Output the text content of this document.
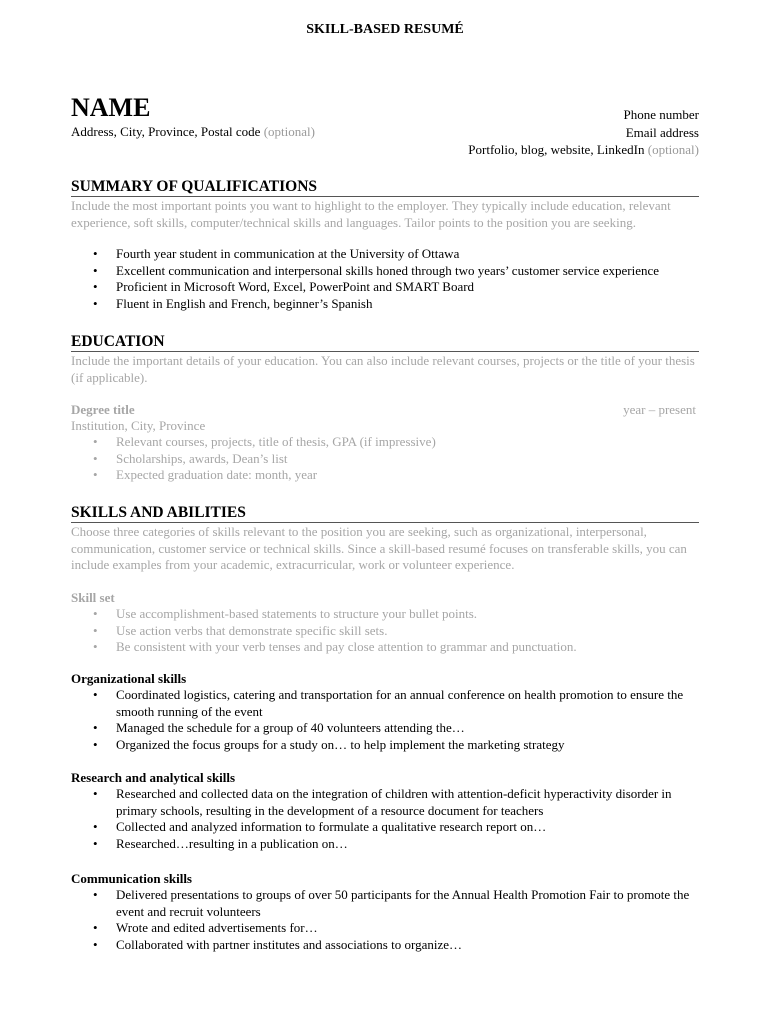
SKILL-BASED RESUMÉ
NAME
Address, City, Province, Postal code (optional)
Phone number
Email address
Portfolio, blog, website, LinkedIn (optional)
SUMMARY OF QUALIFICATIONS
Include the most important points you want to highlight to the employer. They typically include education, relevant experience, soft skills, computer/technical skills and languages. Tailor points to the position you are seeking.
• Fourth year student in communication at the University of Ottawa
• Excellent communication and interpersonal skills honed through two years’ customer service experience
• Proficient in Microsoft Word, Excel, PowerPoint and SMART Board
• Fluent in English and French, beginner’s Spanish
EDUCATION
Include the important details of your education. You can also include relevant courses, projects or the title of your thesis (if applicable).
Degree title	year – present
Institution, City, Province
• Relevant courses, projects, title of thesis, GPA (if impressive)
• Scholarships, awards, Dean’s list
• Expected graduation date: month, year
SKILLS AND ABILITIES
Choose three categories of skills relevant to the position you are seeking, such as organizational, interpersonal, communication, customer service or technical skills. Since a skill-based resumé focuses on transferable skills, you can include examples from your academic, extracurricular, work or volunteer experience.
Skill set
• Use accomplishment-based statements to structure your bullet points.
• Use action verbs that demonstrate specific skill sets.
• Be consistent with your verb tenses and pay close attention to grammar and punctuation.
Organizational skills
• Coordinated logistics, catering and transportation for an annual conference on health promotion to ensure the smooth running of the event
• Managed the schedule for a group of 40 volunteers attending the…
• Organized the focus groups for a study on… to help implement the marketing strategy
Research and analytical skills
• Researched and collected data on the integration of children with attention-deficit hyperactivity disorder in primary schools, resulting in the development of a resource document for teachers
• Collected and analyzed information to formulate a qualitative research report on…
• Researched…resulting in a publication on…
Communication skills
• Delivered presentations to groups of over 50 participants for the Annual Health Promotion Fair to promote the event and recruit volunteers
• Wrote and edited advertisements for…
• Collaborated with partner institutes and associations to organize…
